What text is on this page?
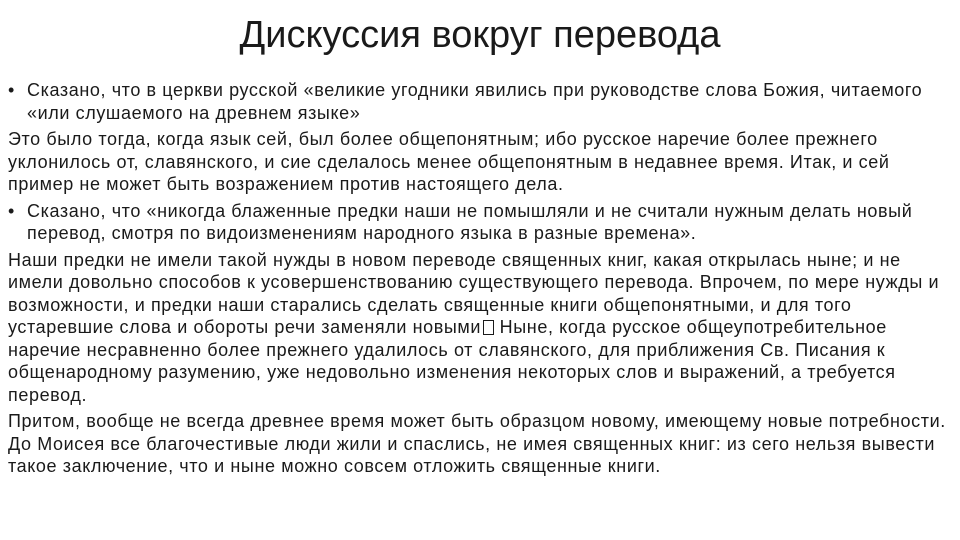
Дискуссия вокруг перевода
• Сказано, что в церкви русской «великие угодники явились при руководстве слова Божия, читаемого «или слушаемого на древнем языке»

Это было тогда, когда язык сей, был более общепонятным; ибо русское наречие более прежнего уклонилось от, славянского, и сие сделалось менее общепонятным в недавнее время. Итак, и сей пример не может быть возражением против настоящего дела.

• Сказано, что «никогда блаженные предки наши не помышляли и не считали нужным делать новый перевод, смотря по видоизменениям народного языка в разные времена».

Наши предки не имели такой нужды в новом переводе священных книг, какая открылась ныне; и не имели довольно способов к усовершенствованию существующего перевода. Впрочем, по мере нужды и возможности, и предки наши старались сделать священные книги общепонятными, и для того устаревшие слова и обороты речи заменяли новыми Ныне, когда русское общеупотребительное наречие несравненно более прежнего удалилось от славянского, для приближения Св. Писания к общенародному разумению, уже недовольно изменения некоторых слов и выражений, а требуется перевод.

Притом, вообще не всегда древнее время может быть образцом новому, имеющему новые потребности. До Моисея все благочестивые люди жили и спаслись, не имея священных книг: из сего нельзя вывести такое заключение, что и ныне можно совсем отложить священные книги.
